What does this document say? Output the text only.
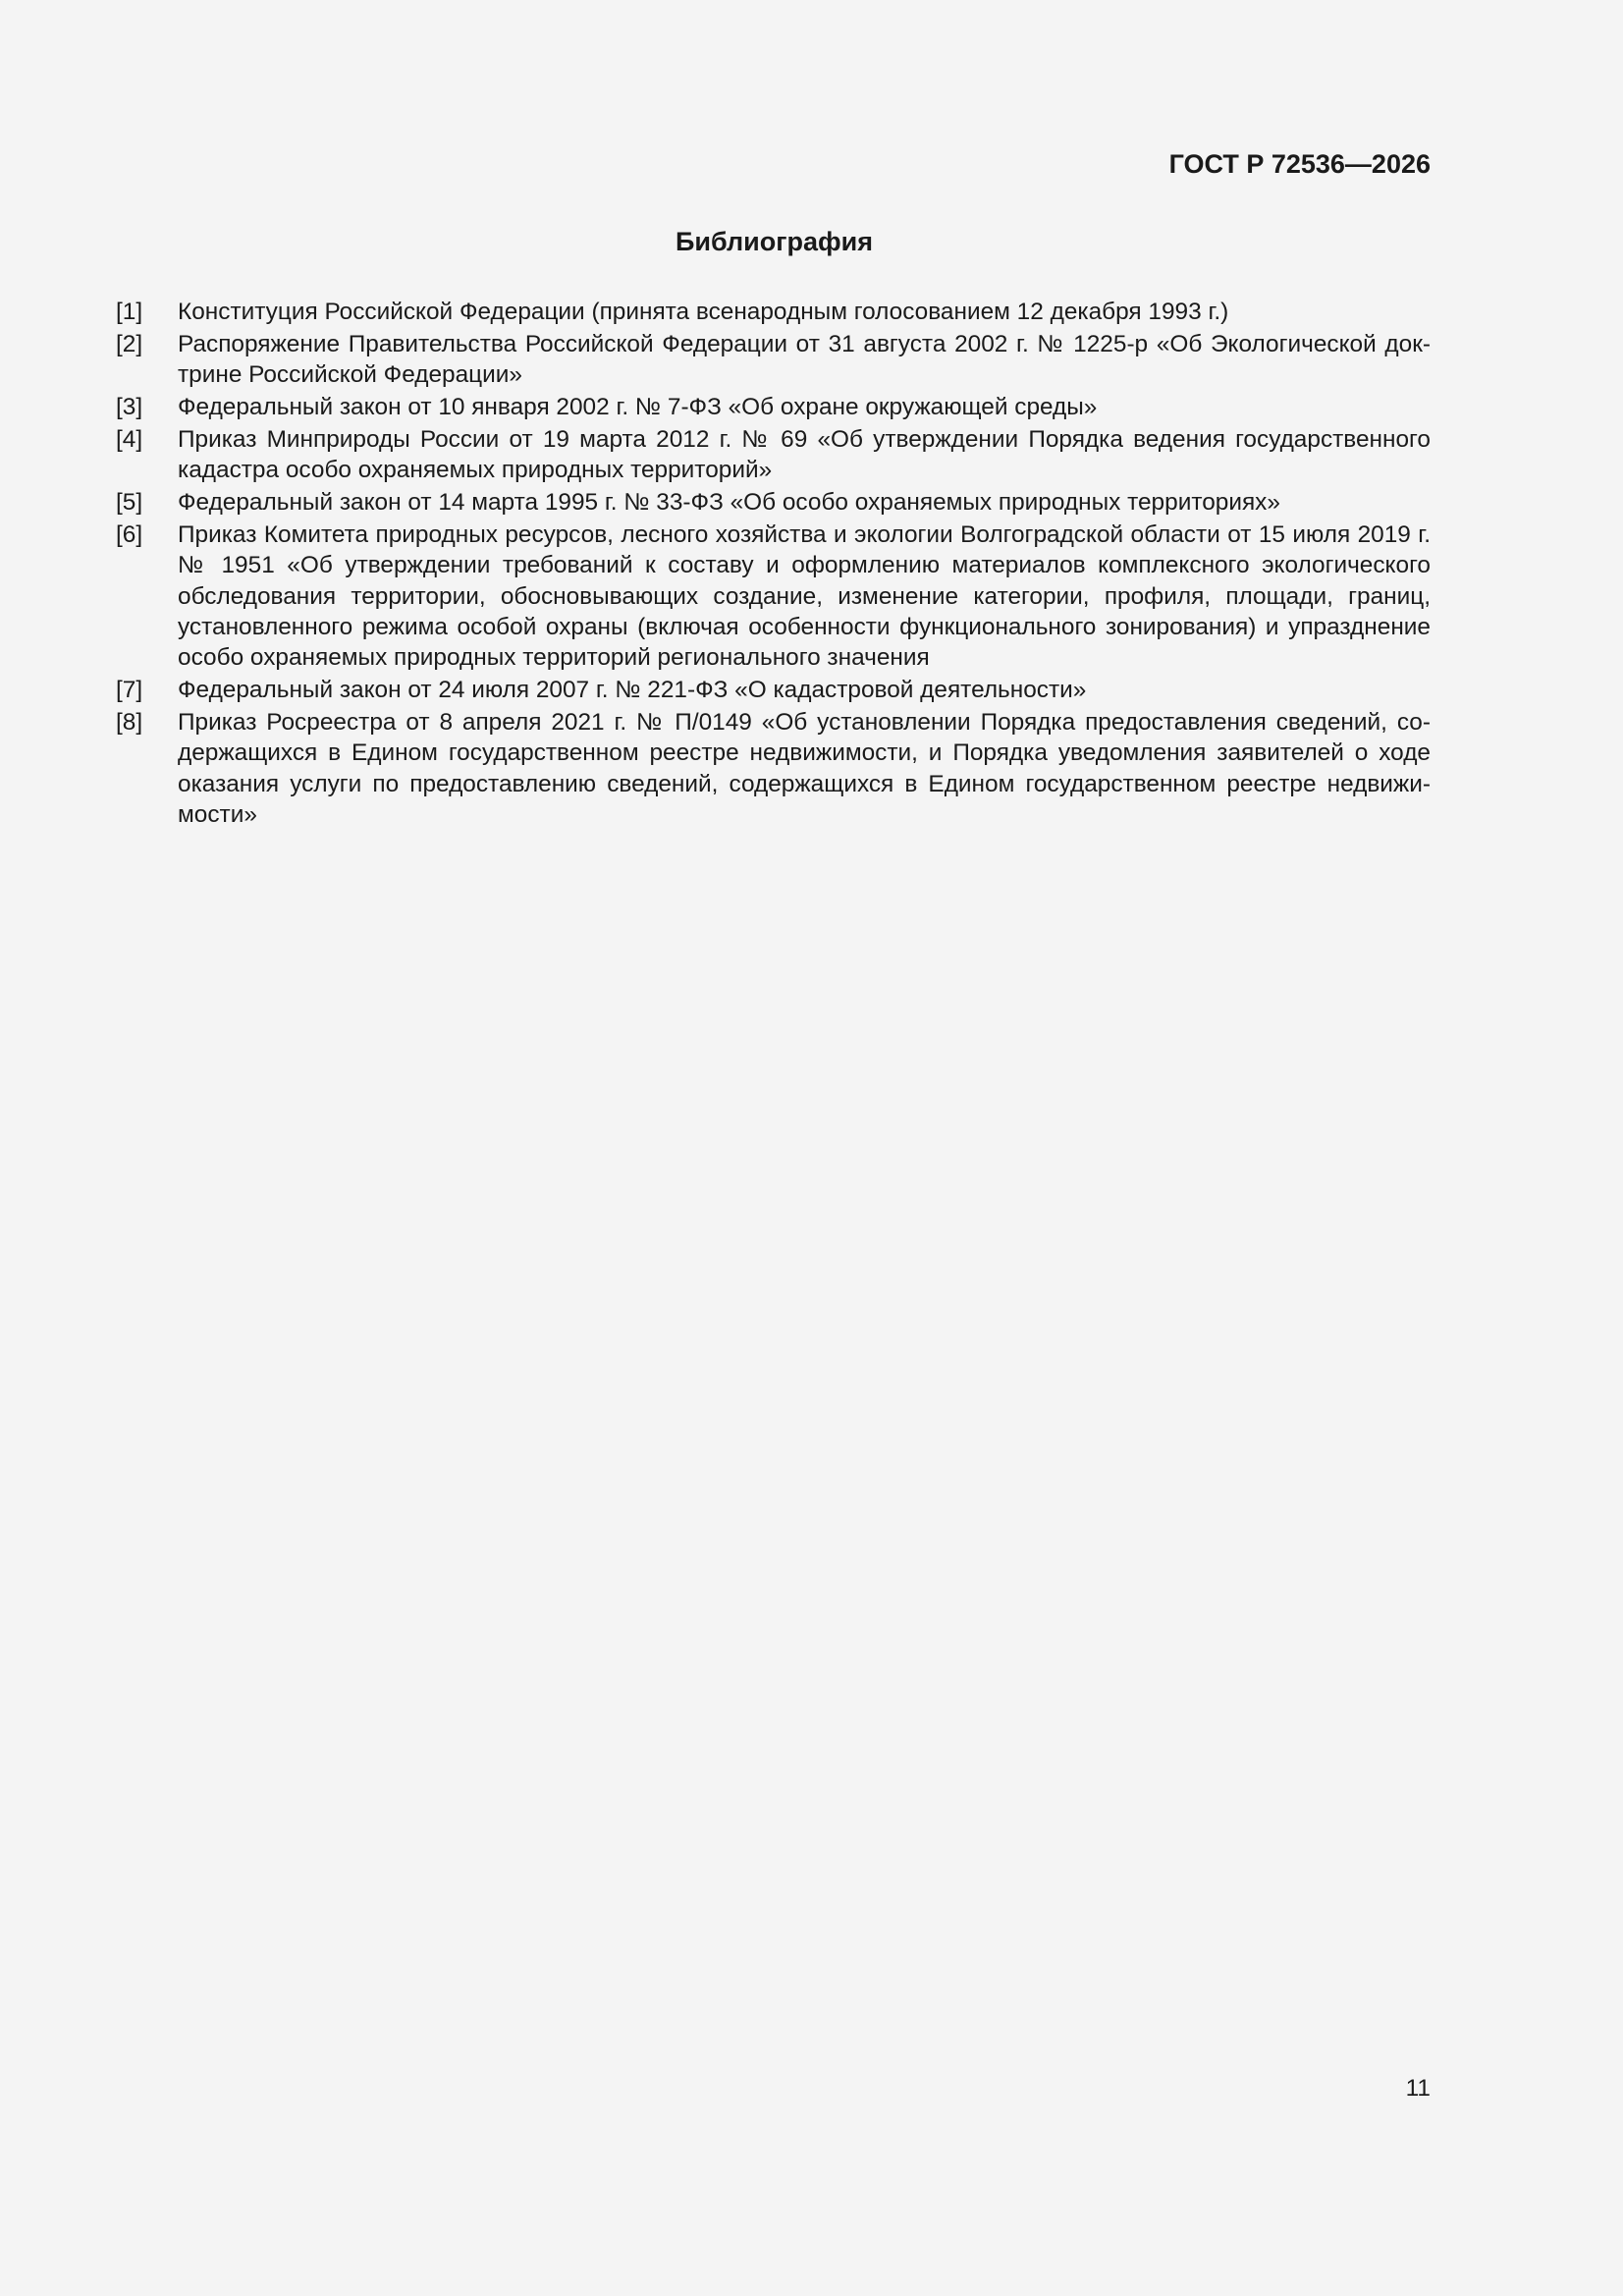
ГОСТ Р 72536—2026
Библиография
[1]	Конституция Российской Федерации (принята всенародным голосованием 12 декабря 1993 г.)
[2]	Распоряжение Правительства Российской Федерации от 31 августа 2002 г. № 1225-р «Об Экологической доктрине Российской Федерации»
[3]	Федеральный закон от 10 января 2002 г. № 7-ФЗ «Об охране окружающей среды»
[4]	Приказ Минприроды России от 19 марта 2012 г. № 69 «Об утверждении Порядка ведения государственного кадастра особо охраняемых природных территорий»
[5]	Федеральный закон от 14 марта 1995 г. № 33-ФЗ «Об особо охраняемых природных территориях»
[6]	Приказ Комитета природных ресурсов, лесного хозяйства и экологии Волгоградской области от 15 июля 2019 г. № 1951 «Об утверждении требований к составу и оформлению материалов комплексного экологического обследования территории, обосновывающих создание, изменение категории, профиля, площади, границ, установленного режима особой охраны (включая особенности функционального зонирования) и упразднение особо охраняемых природных территорий регионального значения
[7]	Федеральный закон от 24 июля 2007 г. № 221-ФЗ «О кадастровой деятельности»
[8]	Приказ Росреестра от 8 апреля 2021 г. № П/0149 «Об установлении Порядка предоставления сведений, содержащихся в Едином государственном реестре недвижимости, и Порядка уведомления заявителей о ходе оказания услуги по предоставлению сведений, содержащихся в Едином государственном реестре недвижимости»
11
